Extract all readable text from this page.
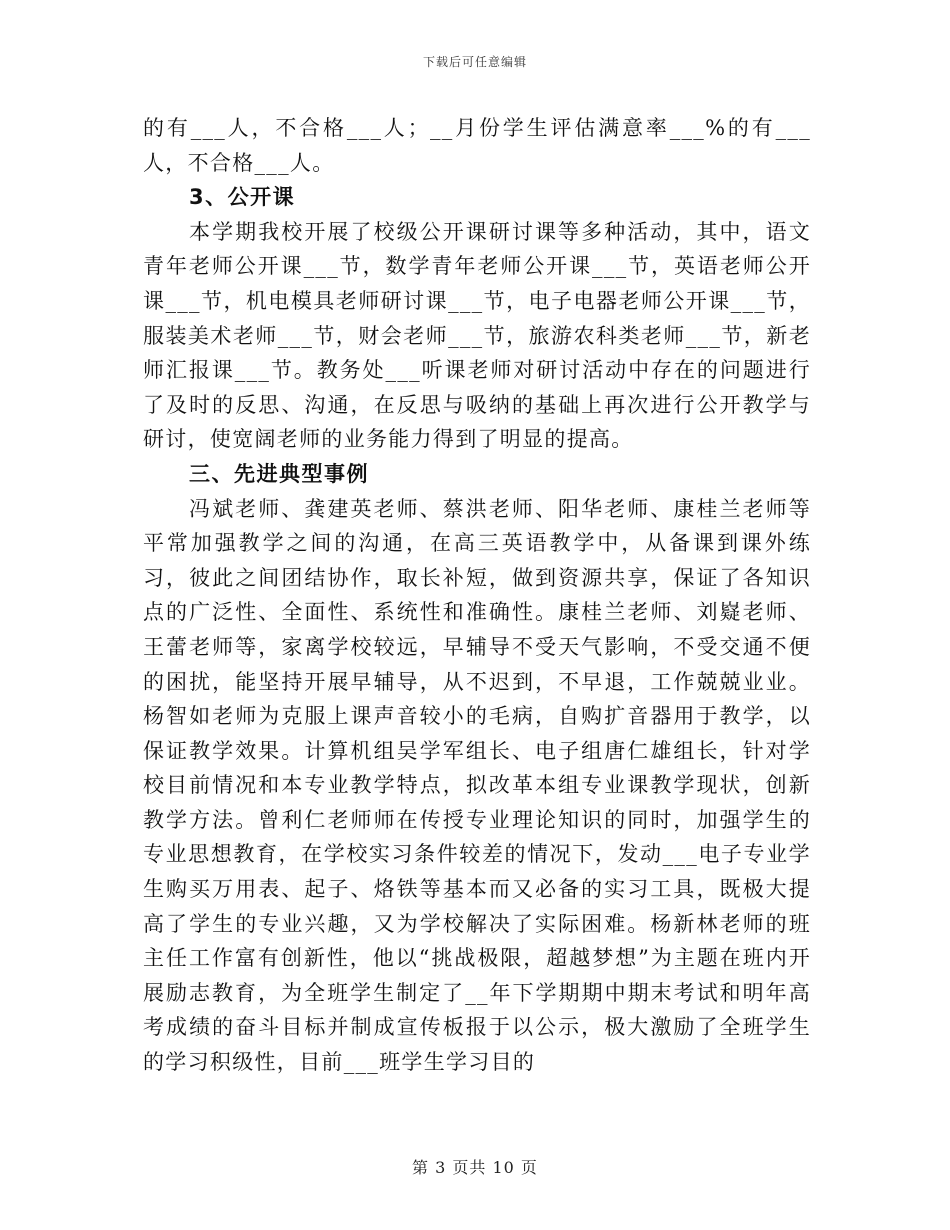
下载后可任意编辑

的有___人，不合格___人；__月份学生评估满意率___%的有___人，不合格___人。

3、公开课

本学期我校开展了校级公开课研讨课等多种活动，其中，语文青年老师公开课___节，数学青年老师公开课___节，英语老师公开课___节，机电模具老师研讨课___节，电子电器老师公开课___节，服装美术老师___节，财会老师___节，旅游农科类老师___节，新老师汇报课___节。教务处___听课老师对研讨活动中存在的问题进行了及时的反思、沟通，在反思与吸纳的基础上再次进行公开教学与研讨，使宽阔老师的业务能力得到了明显的提高。

三、先进典型事例

冯斌老师、龚建英老师、蔡洪老师、阳华老师、康桂兰老师等平常加强教学之间的沟通，在高三英语教学中，从备课到课外练习，彼此之间团结协作，取长补短，做到资源共享，保证了各知识点的广泛性、全面性、系统性和准确性。康桂兰老师、刘嶷老师、王蕾老师等，家离学校较远，早辅导不受天气影响，不受交通不便的困扰，能坚持开展早辅导，从不迟到，不早退，工作兢兢业业。杨智如老师为克服上课声音较小的毛病，自购扩音器用于教学，以保证教学效果。计算机组吴学军组长、电子组唐仁雄组长，针对学校目前情况和本专业教学特点，拟改革本组专业课教学现状，创新教学方法。曾利仁老师师在传授专业理论知识的同时，加强学生的专业思想教育，在学校实习条件较差的情况下，发动___电子专业学生购买万用表、起子、烙铁等基本而又必备的实习工具，既极大提高了学生的专业兴趣，又为学校解决了实际困难。杨新林老师的班主任工作富有创新性，他以“挑战极限，超越梦想”为主题在班内开展励志教育，为全班学生制定了__年下学期期中期末考试和明年高考成绩的奋斗目标并制成宣传板报于以公示，极大激励了全班学生的学习积级性，目前___班学生学习目的

第 3 页共 10 页
